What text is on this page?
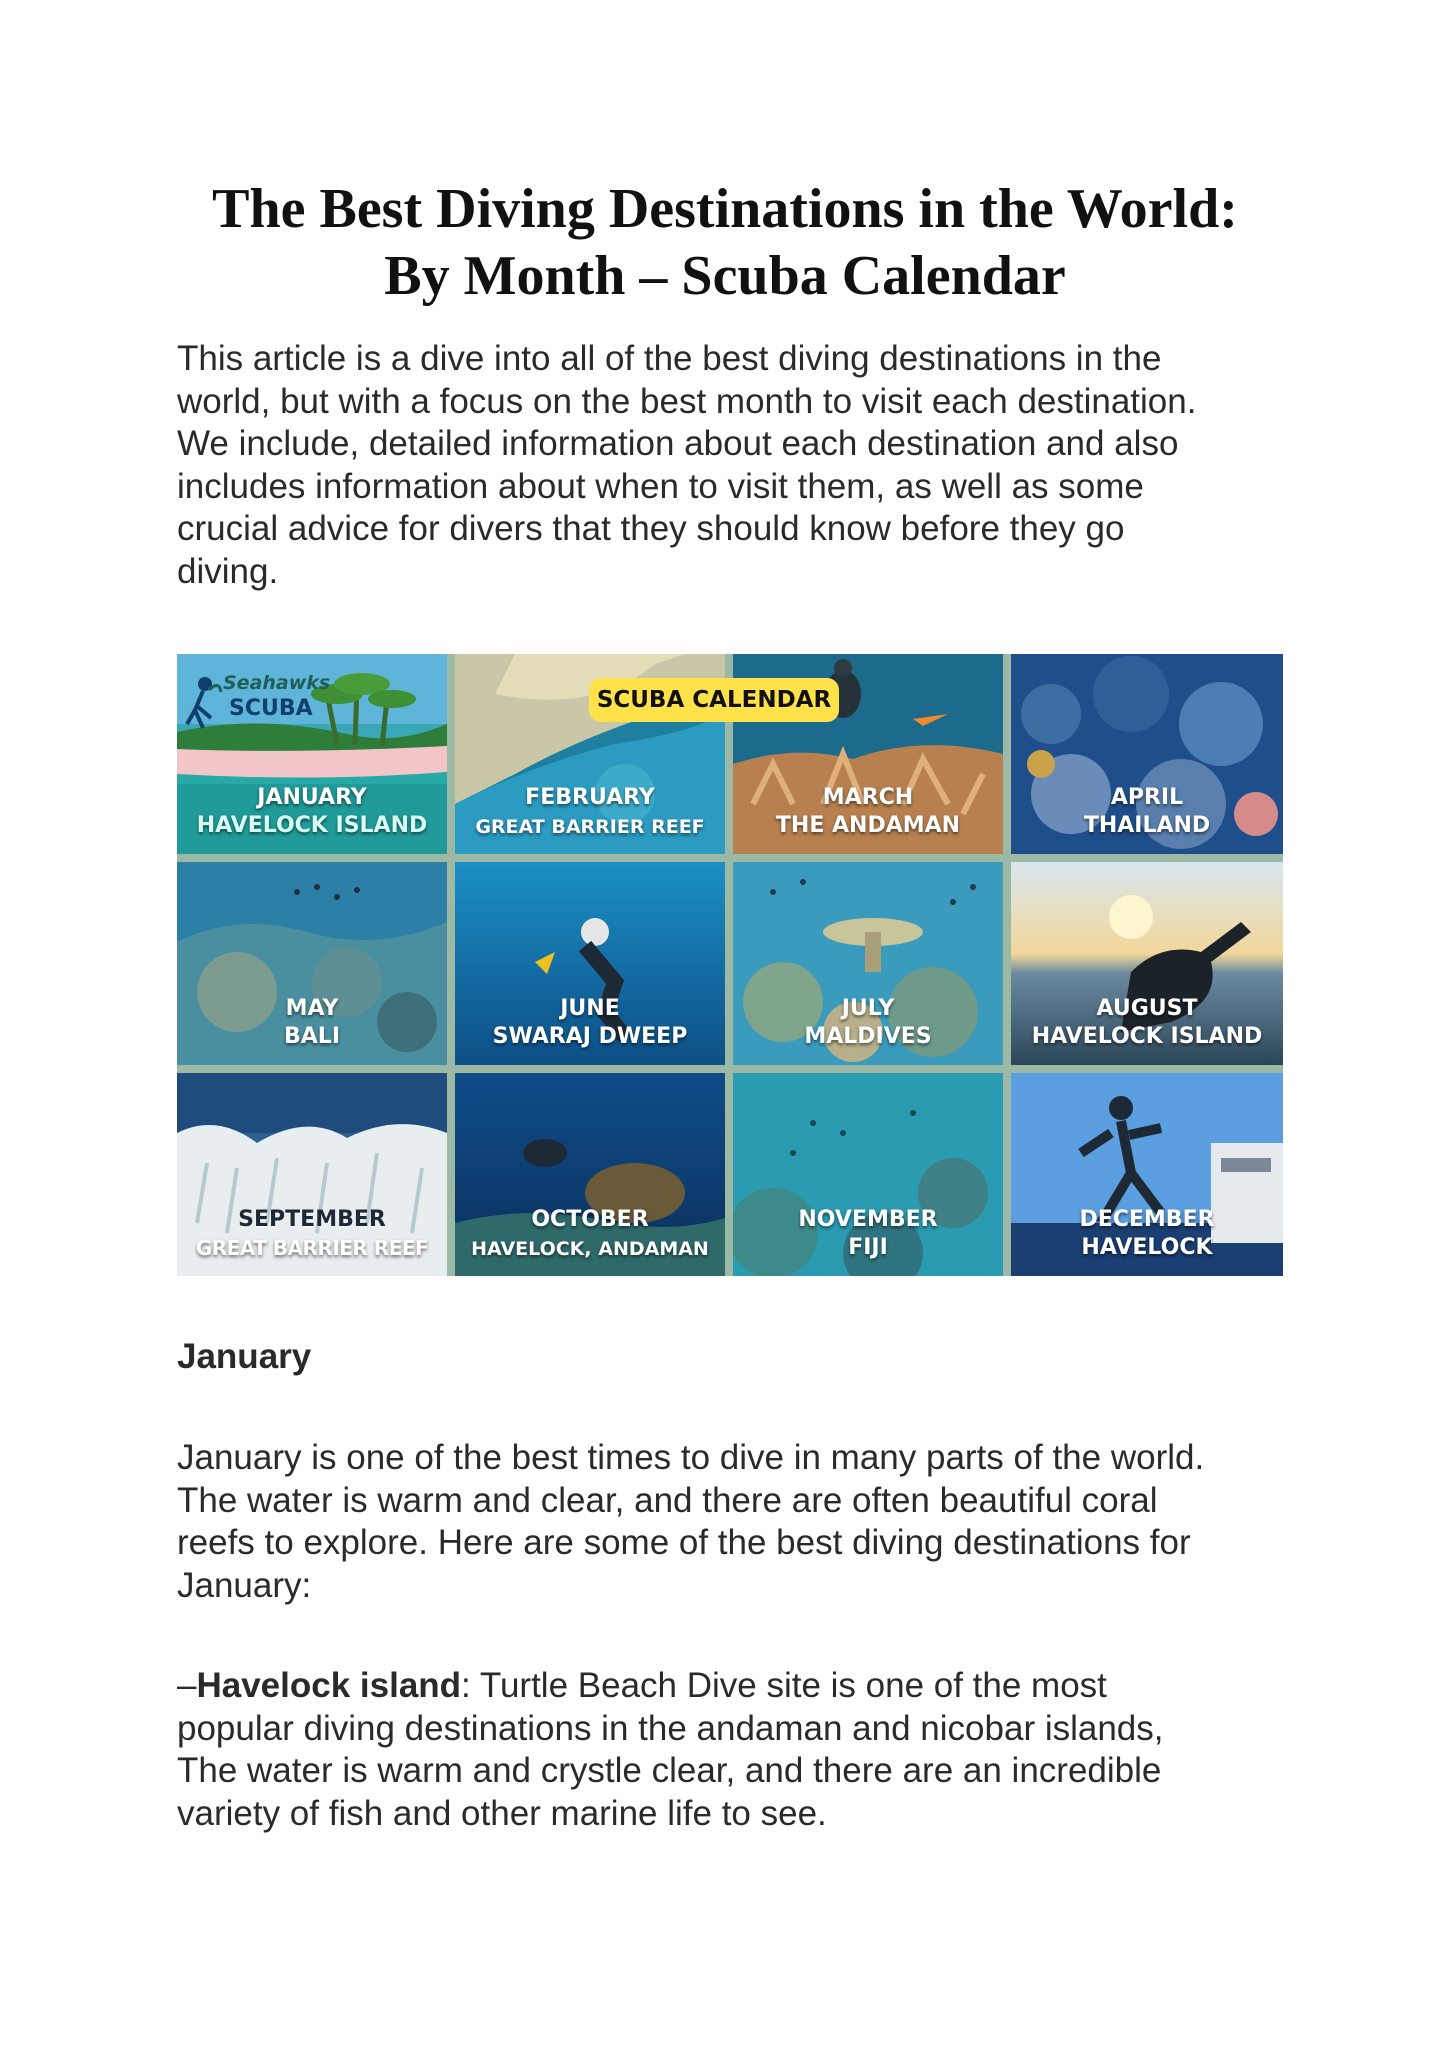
The Best Diving Destinations in the World:
By Month – Scuba Calendar

This article is a dive into all of the best diving destinations in the
world, but with a focus on the best month to visit each destination.
We include, detailed information about each destination and also
includes information about when to visit them, as well as some
crucial advice for divers that they should know before they go
diving.

Seahawks
SCUBA
JANUARY
HAVELOCK ISLAND
FEBRUARY
GREAT BARRIER REEF
MARCH
THE ANDAMAN
APRIL
THAILAND
SCUBA CALENDAR
MAY
BALI
JUNE
SWARAJ DWEEP
JULY
MALDIVES
AUGUST
HAVELOCK ISLAND
SEPTEMBER
GREAT BARRIER REEF
OCTOBER
HAVELOCK, ANDAMAN
NOVEMBER
FIJI
DECEMBER
HAVELOCK
January

January is one of the best times to dive in many parts of the world.
The water is warm and clear, and there are often beautiful coral
reefs to explore. Here are some of the best diving destinations for
January:

–Havelock island: Turtle Beach Dive site is one of the most
popular diving destinations in the andaman and nicobar islands,
The water is warm and crystle clear, and there are an incredible
variety of fish and other marine life to see.
